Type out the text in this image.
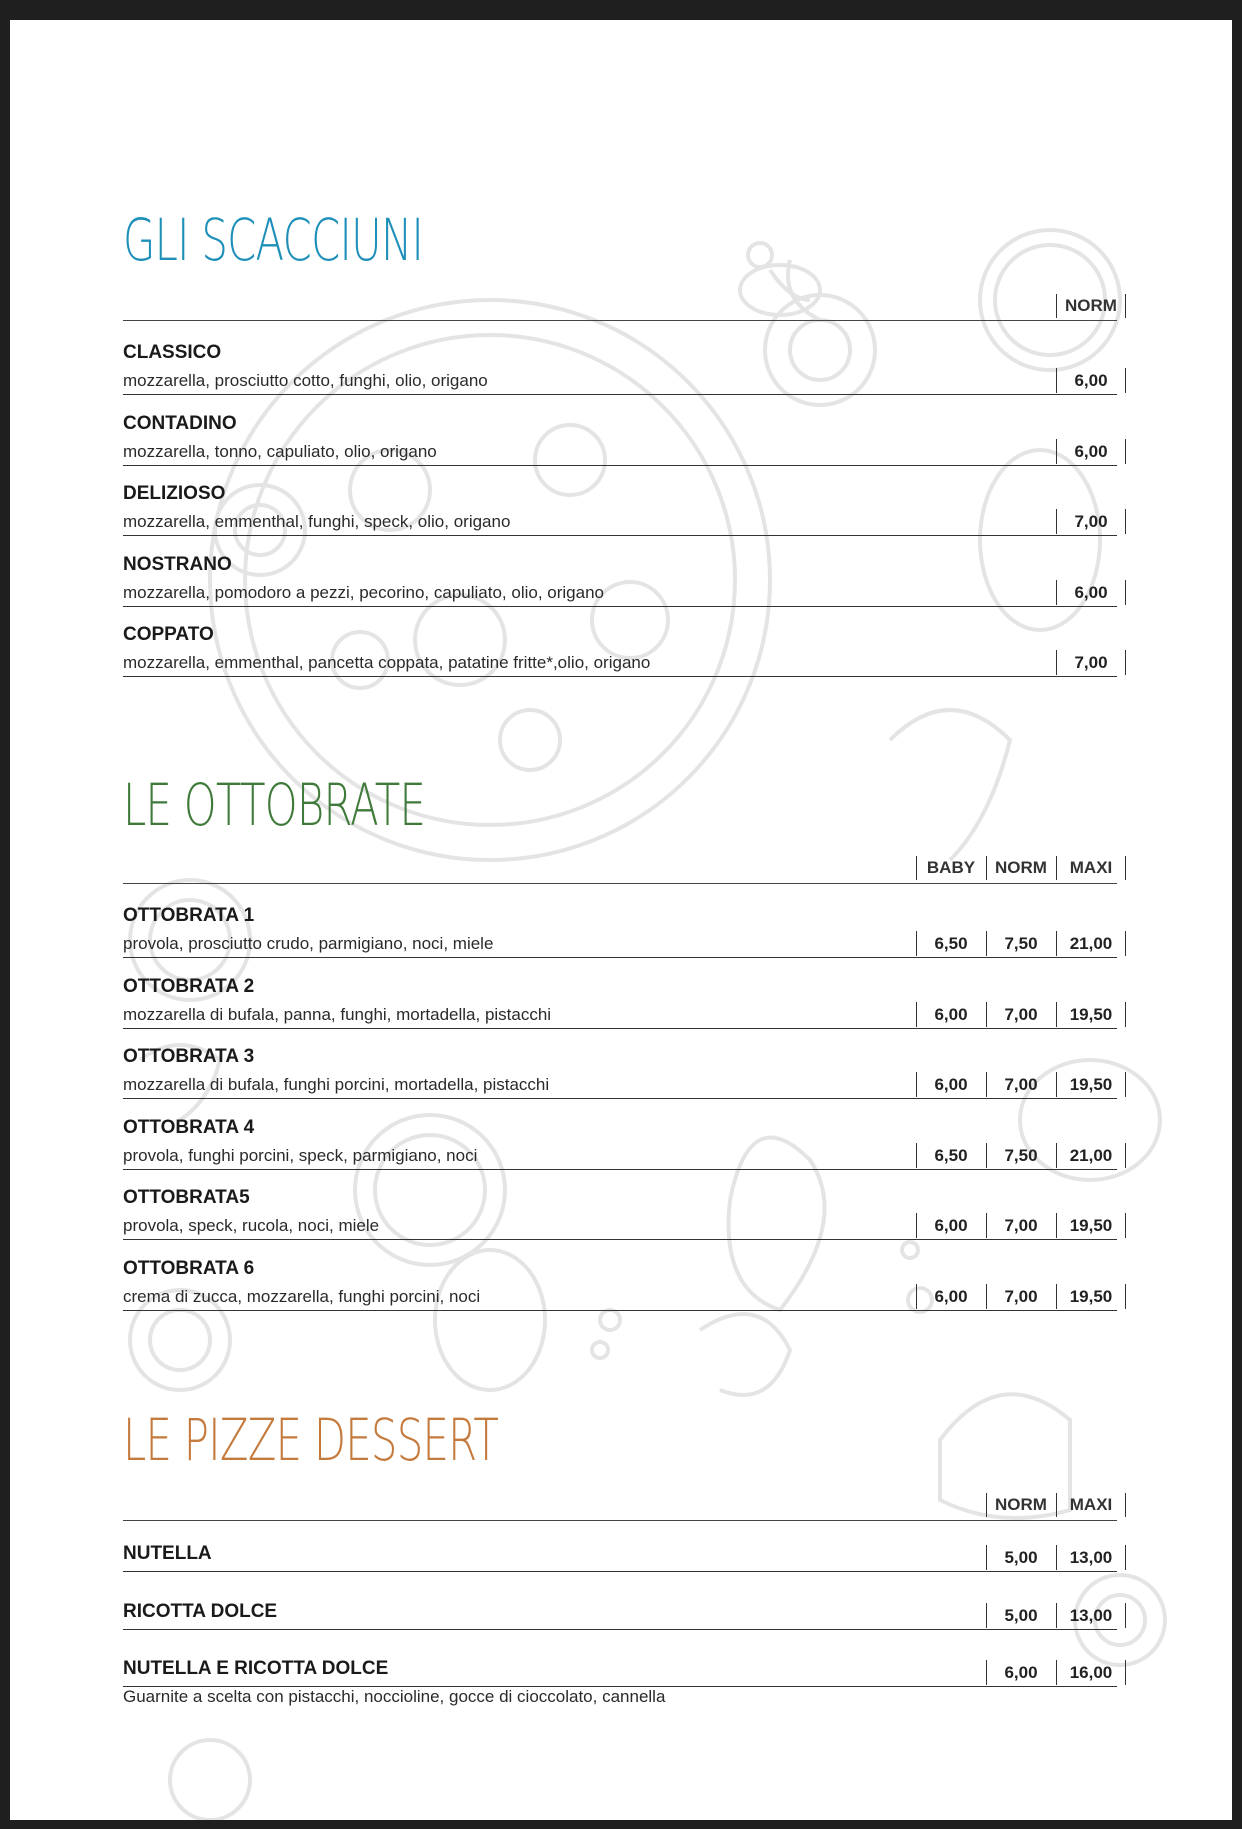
GLI SCACCIUNI
NORM
CLASSICO
mozzarella, prosciutto cotto, funghi, olio, origano	6,00
CONTADINO
mozzarella, tonno, capuliato, olio, origano	6,00
DELIZIOSO
mozzarella, emmenthal, funghi, speck, olio, origano	7,00
NOSTRANO
mozzarella, pomodoro a pezzi, pecorino, capuliato, olio, origano	6,00
COPPATO
mozzarella, emmenthal, pancetta coppata, patatine fritte*,olio, origano	7,00
LE OTTOBRATE
BABY	NORM	MAXI
OTTOBRATA 1
provola, prosciutto crudo, parmigiano, noci, miele	6,50	7,50	21,00
OTTOBRATA 2
mozzarella di bufala, panna, funghi, mortadella, pistacchi	6,00	7,00	19,50
OTTOBRATA 3
mozzarella di bufala, funghi porcini, mortadella, pistacchi	6,00	7,00	19,50
OTTOBRATA 4
provola, funghi porcini, speck, parmigiano, noci	6,50	7,50	21,00
OTTOBRATA5
provola, speck, rucola, noci, miele	6,00	7,00	19,50
OTTOBRATA 6
crema di zucca, mozzarella, funghi porcini, noci	6,00	7,00	19,50
LE PIZZE DESSERT
NORM	MAXI
NUTELLA	5,00	13,00
RICOTTA DOLCE	5,00	13,00
NUTELLA E RICOTTA DOLCE	6,00	16,00
Guarnite a scelta con pistacchi, noccioline, gocce di cioccolato, cannella
